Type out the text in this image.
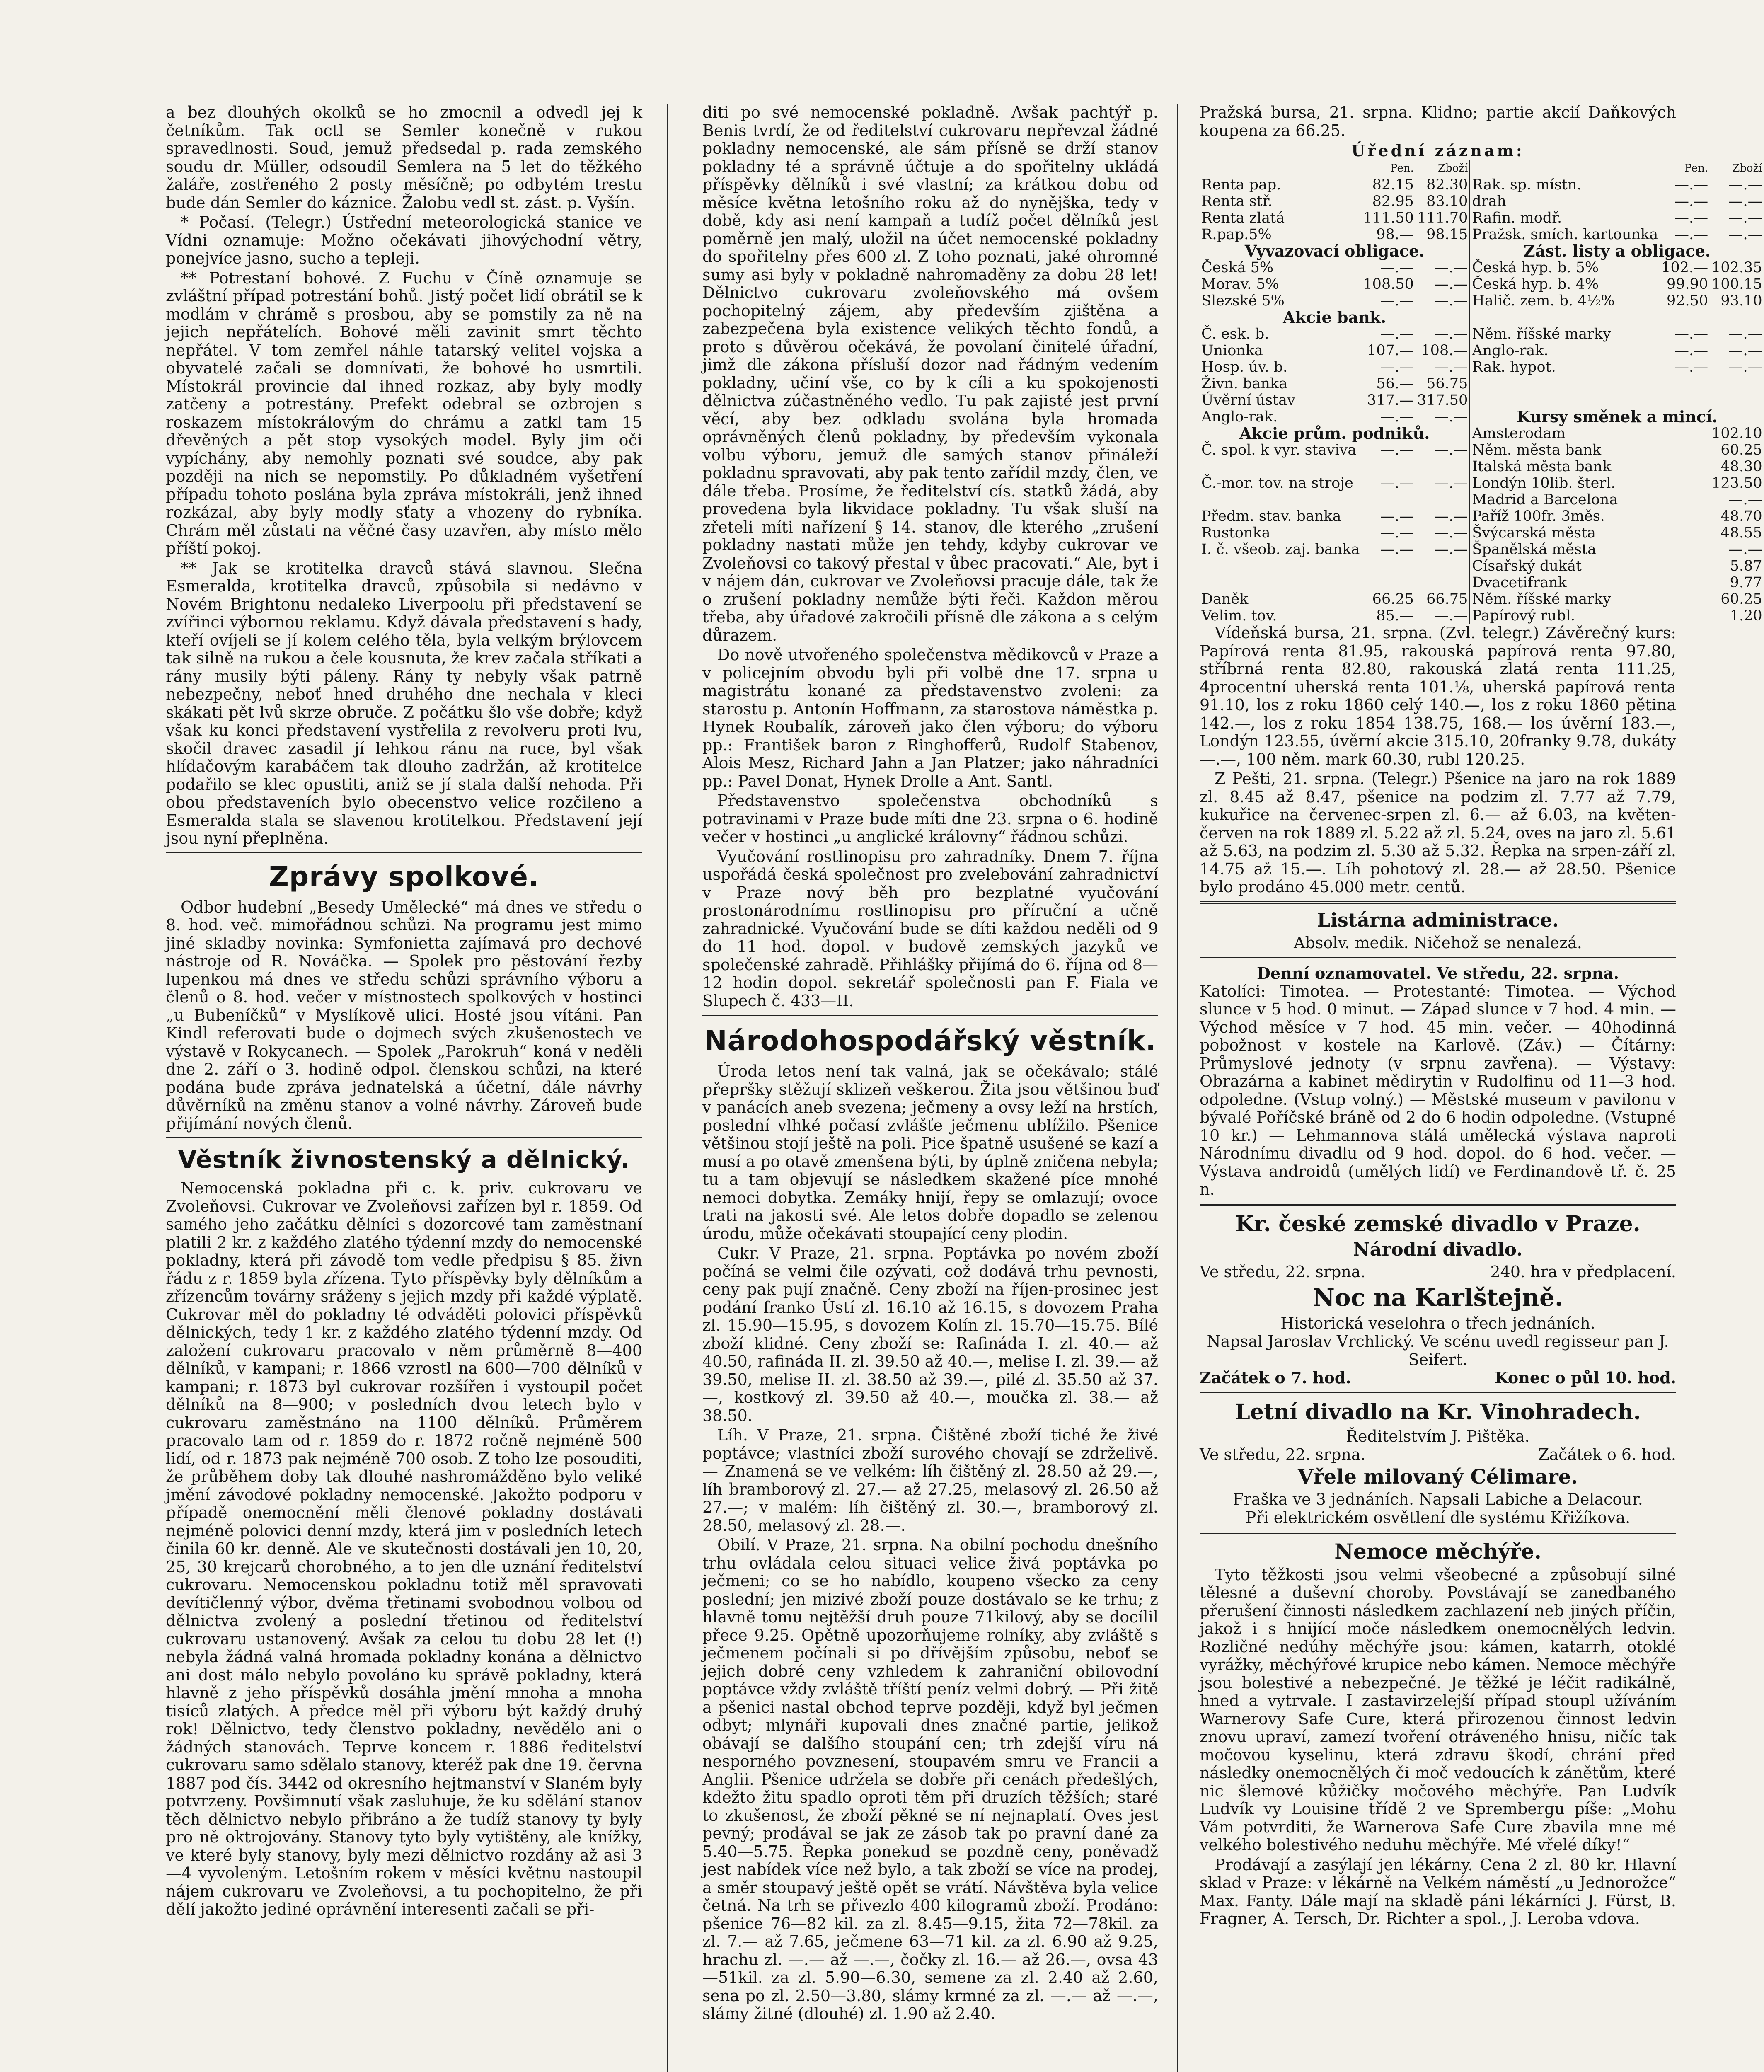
a bez dlouhých okolků se ho zmocnil a odvedl jej k četníkům. Tak octl se Semler konečně v rukou spravedlnosti. Soud, jemuž předsedal p. rada zemského soudu dr. Müller, odsoudil Semlera na 5 let do těžkého žaláře, zostřeného 2 posty měsíčně; po odbytém trestu bude dán Semler do káznice. Žalobu vedl st. zást. p. Vyšín.

* Počasí. (Telegr.) Ústřední meteorologická stanice ve Vídni oznamuje: Možno očekávati jihovýchodní větry, ponejvíce jasno, sucho a tepleji.

** Potrestaní bohové. Z Fuchu v Číně oznamuje se zvláštní případ potrestání bohů. Jistý počet lidí obrátil se k modlám v chrámě s prosbou, aby se pomstily za ně na jejich nepřátelích. Bohové měli zavinit smrt těchto nepřátel. V tom zemřel náhle tatarský velitel vojska a obyvatelé začali se domnívati, že bohové ho usmrtili. Místokrál provincie dal ihned rozkaz, aby byly modly zatčeny a potrestány. Prefekt odebral se ozbrojen s roskazem místokrálovým do chrámu a zatkl tam 15 dřevěných a pět stop vysokých model. Byly jim oči vypíchány, aby nemohly poznati své soudce, aby pak později na nich se nepomstily. Po důkladném vyšetření případu tohoto poslána byla zpráva místokráli, jenž ihned rozkázal, aby byly modly sťaty a vhozeny do rybníka. Chrám měl zůstati na věčné časy uzavřen, aby místo mělo příští pokoj.

** Jak se krotitelka dravců stává slavnou. Slečna Esmeralda, krotitelka dravců, způsobila si nedávno v Novém Brightonu nedaleko Liverpoolu při představení se zvířinci výbornou reklamu. Když dávala představení s hady, kteří ovíjeli se jí kolem celého těla, byla velkým brýlovcem tak silně na rukou a čele kousnuta, že krev začala stříkati a rány musily býti páleny. Rány ty nebyly však patrně nebezpečny, neboť hned druhého dne nechala v kleci skákati pět lvů skrze obruče. Z počátku šlo vše dobře; když však ku konci představení vystřelila z revolveru proti lvu, skočil dravec zasadil jí lehkou ránu na ruce, byl však hlídačovým karabáčem tak dlouho zadržán, až krotitelce podařilo se klec opustiti, aniž se jí stala další nehoda. Při obou představeních bylo obecenstvo velice rozčileno a Esmeralda stala se slavenou krotitelkou. Představení její jsou nyní přeplněna.

Zprávy spolkové.

Odbor hudební „Besedy Umělecké“ má dnes ve středu o 8. hod. več. mimořádnou schůzi. Na programu jest mimo jiné skladby novinka: Symfonietta zajímavá pro dechové nástroje od R. Nováčka. — Spolek pro pěstování řezby lupenkou má dnes ve středu schůzi správního výboru a členů o 8. hod. večer v místnostech spolkových v hostinci „u Bubeníčků“ v Myslíkově ulici. Hosté jsou vítáni. Pan Kindl referovati bude o dojmech svých zkušenostech ve výstavě v Rokycanech. — Spolek „Parokruh“ koná v neděli dne 2. září o 3. hodině odpol. členskou schůzi, na které podána bude zpráva jednatelská a účetní, dále návrhy důvěrníků na změnu stanov a volné návrhy. Zároveň bude přijímání nových členů.

Věstník živnostenský a dělnický.

Nemocenská pokladna při c. k. priv. cukrovaru ve Zvoleňovsi. Cukrovar ve Zvoleňovsi zařízen byl r. 1859. Od samého jeho začátku dělníci s dozorcové tam zaměstnaní platili 2 kr. z každého zlatého týdenní mzdy do nemocenské pokladny, která při závodě tom vedle předpisu § 85. živn řádu z r. 1859 byla zřízena. Tyto příspěvky byly dělníkům a zřízencům továrny sráženy s jejich mzdy při každé výplatě. Cukrovar měl do pokladny té odváděti polovici příspěvků dělnických, tedy 1 kr. z každého zlatého týdenní mzdy. Od založení cukrovaru pracovalo v něm průměrně 8—400 dělníků, v kampani; r. 1866 vzrostl na 600—700 dělníků v kampani; r. 1873 byl cukrovar rozšířen i vystoupil počet dělníků na 8—900; v posledních dvou letech bylo v cukrovaru zaměstnáno na 1100 dělníků. Průměrem pracovalo tam od r. 1859 do r. 1872 ročně nejméně 500 lidí, od r. 1873 pak nejméně 700 osob. Z toho lze posouditi, že průběhem doby tak dlouhé nashromážděno bylo veliké jmění závodové pokladny nemocenské. Jakožto podporu v případě onemocnění měli členové pokladny dostávati nejméně polovici denní mzdy, která jim v posledních letech činila 60 kr. denně. Ale ve skutečnosti dostávali jen 10, 20, 25, 30 krejcarů chorobného, a to jen dle uznání ředitelství cukrovaru. Nemocenskou pokladnu totiž měl spravovati devítičlenný výbor, dvěma třetinami svobodnou volbou od dělnictva zvolený a poslední třetinou od ředitelství cukrovaru ustanovený. Avšak za celou tu dobu 28 let (!) nebyla žádná valná hromada pokladny konána a dělnictvo ani dost málo nebylo povoláno ku správě pokladny, která hlavně z jeho příspěvků dosáhla jmění mnoha a mnoha tisíců zlatých. A předce měl při výboru být každý druhý rok! Dělnictvo, tedy členstvo pokladny, nevědělo ani o žádných stanovách. Teprve koncem r. 1886 ředitelství cukrovaru samo sdělalo stanovy, kteréž pak dne 19. června 1887 pod čís. 3442 od okresního hejtmanství v Slaném byly potvrzeny. Povšimnutí však zasluhuje, že ku sdělání stanov těch dělnictvo nebylo přibráno a že tudíž stanovy ty byly pro ně oktrojovány. Stanovy tyto byly vytištěny, ale knížky, ve které byly stanovy, byly mezi dělnictvo rozdány až asi 3—4 vyvoleným. Letošním rokem v měsíci květnu nastoupil nájem cukrovaru ve Zvoleňovsi, a tu pochopitelno, že při dělí jakožto jediné oprávnění interesenti začali se při-

diti po své nemocenské pokladně. Avšak pachtýř p. Benis tvrdí, že od ředitelství cukrovaru nepřevzal žádné pokladny nemocenské, ale sám přísně se drží stanov pokladny té a správně účtuje a do spořitelny ukládá příspěvky dělníků i své vlastní; za krátkou dobu od měsíce května letošního roku až do nynějška, tedy v době, kdy asi není kampaň a tudíž počet dělníků jest poměrně jen malý, uložil na účet nemocenské pokladny do spořitelny přes 600 zl. Z toho poznati, jaké ohromné sumy asi byly v pokladně nahromaděny za dobu 28 let! Dělnictvo cukrovaru zvoleňovského má ovšem pochopitelný zájem, aby především zjištěna a zabezpečena byla existence velikých těchto fondů, a proto s důvěrou očekává, že povolaní činitelé úřadní, jimž dle zákona přísluší dozor nad řádným vedením pokladny, učiní vše, co by k cíli a ku spokojenosti dělnictva zúčastněného vedlo. Tu pak zajisté jest první věcí, aby bez odkladu svolána byla hromada oprávněných členů pokladny, by především vykonala volbu výboru, jemuž dle samých stanov přináleží pokladnu spravovati, aby pak tento zařídil mzdy, člen, ve dále třeba. Prosíme, že ředitelství cís. statků žádá, aby provedena byla likvidace pokladny. Tu však sluší na zřeteli míti nařízení § 14. stanov, dle kterého „zrušení pokladny nastati může jen tehdy, kdyby cukrovar ve Zvoleňovsi co takový přestal v ůbec pracovati.“ Ale, byt i v nájem dán, cukrovar ve Zvoleňovsi pracuje dále, tak že o zrušení pokladny nemůže býti řeči. Každon měrou třeba, aby úřadové zakročili přísně dle zákona a s celým důrazem.

Do nově utvořeného společenstva mědikovců v Praze a v policejním obvodu byli při volbě dne 17. srpna u magistrátu konané za představenstvo zvoleni: za starostu p. Antonín Hoffmann, za starostova náměstka p. Hynek Roubalík, zároveň jako člen výboru; do výboru pp.: František baron z Ringhofferů, Rudolf Stabenov, Alois Mesz, Richard Jahn a Jan Platzer; jako náhradníci pp.: Pavel Donat, Hynek Drolle a Ant. Santl.

Představenstvo společenstva obchodníků s potravinami v Praze bude míti dne 23. srpna o 6. hodině večer v hostinci „u anglické královny“ řádnou schůzi.

Vyučování rostlinopisu pro zahradníky. Dnem 7. října uspořádá česká společnost pro zvelebování zahradnictví v Praze nový běh pro bezplatné vyučování prostonárodnímu rostlinopisu pro příruční a učně zahradnické. Vyučování bude se díti každou neděli od 9 do 11 hod. dopol. v budově zemských jazyků ve společenské zahradě. Přihlášky přijímá do 6. října od 8—12 hodin dopol. sekretář společnosti pan F. Fiala ve Slupech č. 433—II.

Národohospodářský věstník.

Úroda letos není tak valná, jak se očekávalo; stálé přepršky stěžují sklizeň veškerou. Žita jsou většinou buď v panácích aneb svezena; ječmeny a ovsy leží na hrstích, poslední vlhké počasí zvlášťe ječmenu ublížilo. Pšenice většinou stojí ještě na poli. Pice špatně usušené se kazí a musí a po otavě zmenšena býti, by úplně zničena nebyla; tu a tam objevují se následkem skažené píce mnohé nemoci dobytka. Zemáky hnijí, řepy se omlazují; ovoce trati na jakosti své. Ale letos dobře dopadlo se zelenou úrodu, může očekávati stoupající ceny plodin.

Cukr. V Praze, 21. srpna. Poptávka po novém zboží počíná se velmi čile ozývati, což dodává trhu pevnosti, ceny pak pují značně. Ceny zboží na říjen-prosinec jest podání franko Ústí zl. 16.10 až 16.15, s dovozem Praha zl. 15.90—15.95, s dovozem Kolín zl. 15.70—15.75. Bílé zboží klidné. Ceny zboží se: Rafináda I. zl. 40.— až 40.50, rafináda II. zl. 39.50 až 40.—, melise I. zl. 39.— až 39.50, melise II. zl. 38.50 až 39.—, pilé zl. 35.50 až 37.—, kostkový zl. 39.50 až 40.—, moučka zl. 38.— až 38.50.

Líh. V Praze, 21. srpna. Čištěné zboží tiché že živé poptávce; vlastníci zboží surového chovají se zdrželivě. — Znamená se ve velkém: líh čištěný zl. 28.50 až 29.—, líh bramborový zl. 27.— až 27.25, melasový zl. 26.50 až 27.—; v malém: líh čištěný zl. 30.—, bramborový zl. 28.50, melasový zl. 28.—.

Obilí. V Praze, 21. srpna. Na obilní pochodu dnešního trhu ovládala celou situaci velice živá poptávka po ječmeni; co se ho nabídlo, koupeno všecko za ceny poslední; jen mizivé zboží pouze dostávalo se ke trhu; z hlavně tomu nejtěžší druh pouze 71kilový, aby se docílil přece 9.25. Opětně upozorňujeme rolníky, aby zvláště s ječmenem počínali si po dřívějším způsobu, neboť se jejich dobré ceny vzhledem k zahraniční obilovodní poptávce vždy zvláště tříští peníz velmi dobrý. — Při žitě a pšenici nastal obchod teprve později, když byl ječmen odbyt; mlynáři kupovali dnes značné partie, jelikož obávají se dalšího stoupání cen; trh zdejší víru ná nesporného povznesení, stoupavém smru ve Francii a Anglii. Pšenice udržela se dobře při cenách předešlých, kdežto žitu spadlo oproti těm při druzích těžších; staré to zkušenost, že zboží pěkné se ní nejnaplatí. Oves jest pevný; prodával se jak ze zásob tak po pravní dané za 5.40—5.75. Řepka ponekud se pozdně ceny, poněvadž jest nabídek více než bylo, a tak zboží se více na prodej, a směr stoupavý ještě opět se vrátí. Návštěva byla velice četná. Na trh se přivezlo 400 kilogramů zboží. Prodáno: pšenice 76—82 kil. za zl. 8.45—9.15, žita 72—78kil. za zl. 7.— až 7.65, ječmene 63—71 kil. za zl. 6.90 až 9.25, hrachu zl. —.— až —.—, čočky zl. 16.— až 26.—, ovsa 43—51kil. za zl. 5.90—6.30, semene za zl. 2.40 až 2.60, sena po zl. 2.50—3.80, slámy krmné za zl. —.— až —.—, slámy žitné (dlouhé) zl. 1.90 až 2.40.

Pražská bursa, 21. srpna. Klidno; partie akcií Daňkových koupena za 66.25.

Úřední záznam:
	Pen.	Zboží		Pen.	Zboží
Renta pap.	82.15	82.30	Rak. sp. místn.	—.—	—.—
Renta stř.	82.95	83.10	drah	—.—	—.—
Renta zlatá	111.50	111.70	Rafin. modř.	—.—	—.—
R.pap.5%	98.—	98.15	Pražsk. smích. kartounka	—.—	—.—
Vyvazovací obligace.			Zást. listy a obligace.		
Česká 5%	—.—	—.—	Česká hyp. b. 5%	102.—	102.35
Morav. 5%	108.50	—.—	Česká hyp. b. 4%	99.90	100.15
Slezské 5%	—.—	—.—	Halič. zem. b. 4½%	92.50	93.10
Akcie bank.					
Č. esk. b.	—.—	—.—	Něm. říšské marky	—.—	—.—
Unionka	107.—	108.—	Anglo-rak.	—.—	—.—
Hosp. úv. b.	—.—	—.—	Rak. hypot.	—.—	—.—
Živn. banka	56.—	56.75			
Úvěrní ústav	317.—	317.50			
Anglo-rak.	—.—	—.—	Kursy směnek a mincí.		
Akcie prům. podniků.			Amsterodam		102.10
Č. spol. k vyr. staviva	—.—	—.—	Něm. města bank		60.25
			Italská města bank		48.30
Č.-mor. tov. na stroje	—.—	—.—	Londýn 10lib. šterl.		123.50
			Madrid a Barcelona		—.—
Předm. stav. banka	—.—	—.—	Paříž 100fr. 3měs.		48.70
Rustonka	—.—	—.—	Švýcarská města		48.55
I. č. všeob. zaj. banka	—.—	—.—	Španělská města		—.—
			Císařský dukát		5.87
			Dvacetifrank		9.77
Daněk	66.25	66.75	Něm. říšské marky		60.25
Velim. tov.	85.—	—.—	Papírový rubl.		1.20

Vídeňská bursa, 21. srpna. (Zvl. telegr.) Závěrečný kurs: Papírová renta 81.95, rakouská papírová renta 97.80, stříbrná renta 82.80, rakouská zlatá renta 111.25, 4procentní uherská renta 101.⅛, uherská papírová renta 91.10, los z roku 1860 celý 140.—, los z roku 1860 pětina 142.—, los z roku 1854 138.75, 168.— los úvěrní 183.—, Londýn 123.55, úvěrní akcie 315.10, 20franky 9.78, dukáty —.—, 100 něm. mark 60.30, rubl 120.25.

Z Pešti, 21. srpna. (Telegr.) Pšenice na jaro na rok 1889 zl. 8.45 až 8.47, pšenice na podzim zl. 7.77 až 7.79, kukuřice na červenec-srpen zl. 6.— až 6.03, na květen-červen na rok 1889 zl. 5.22 až zl. 5.24, oves na jaro zl. 5.61 až 5.63, na podzim zl. 5.30 až 5.32. Řepka na srpen-září zl. 14.75 až 15.—. Líh pohotový zl. 28.— až 28.50. Pšenice bylo prodáno 45.000 metr. centů.

Listárna administrace.

Absolv. medik. Ničehož se nenalezá.

Denní oznamovatel. Ve středu, 22. srpna.

Katolíci: Timotea. — Protestanté: Timotea. — Východ slunce v 5 hod. 0 minut. — Západ slunce v 7 hod. 4 min. — Východ měsíce v 7 hod. 45 min. večer. — 40hodinná pobožnost v kostele na Karlově. (Záv.) — Čítárny: Průmyslové jednoty (v srpnu zavřena). — Výstavy: Obrazárna a kabinet mědirytin v Rudolfinu od 11—3 hod. odpoledne. (Vstup volný.) — Městské museum v pavilonu v bývalé Poříčské bráně od 2 do 6 hodin odpoledne. (Vstupné 10 kr.) — Lehmannova stálá umělecká výstava naproti Národnímu divadlu od 9 hod. dopol. do 6 hod. večer. — Výstava androidů (umělých lidí) ve Ferdinandově tř. č. 25 n.

Kr. české zemské divadlo v Praze.
Národní divadlo.
Ve středu, 22. srpna.	240. hra v předplacení.
Noc na Karlštejně.

Historická veselohra o třech jednáních.

Napsal Jaroslav Vrchlický. Ve scénu uvedl regisseur pan J. Seifert.

Začátek o 7. hod.	Konec o půl 10. hod.
Letní divadlo na Kr. Vinohradech.

Ředitelstvím J. Pištěka.

Ve středu, 22. srpna.	Začátek o 6. hod.
Vřele milovaný Célimare.

Fraška ve 3 jednáních. Napsali Labiche a Delacour.

Při elektrickém osvětlení dle systému Křižíkova.

Nemoce měchýře.

Tyto těžkosti jsou velmi všeobecné a způsobují silné tělesné a duševní choroby. Povstávají se zanedbaného přerušení činnosti následkem zachlazení neb jiných příčin, jakož i s hnijící moče následkem onemocnělých ledvin. Rozličné nedúhy měchýře jsou: kámen, katarrh, otoklé vyrážky, měchýřové krupice nebo kámen. Nemoce měchýře jsou bolestivé a nebezpečné. Je těžké je léčit radikálně, hned a vytrvale. I zastavirzelejší případ stoupl užíváním Warnerovy Safe Cure, která přirozenou činnost ledvin znovu upraví, zamezí tvoření otráveného hnisu, ničíc tak močovou kyselinu, která zdravu škodí, chrání před následky onemocnělých či moč vedoucích k zánětům, které nic šlemové kůžičky močového měchýře. Pan Ludvík Ludvík vy Louisine třídě 2 ve Sprembergu píše: „Mohu Vám potvrditi, že Warnerova Safe Cure zbavila mne mé velkého bolestivého neduhu měchýře. Mé vřelé díky!“

Prodávají a zasýlají jen lékárny. Cena 2 zl. 80 kr. Hlavní sklad v Praze: v lékárně na Velkém náměstí „u Jednorožce“ Max. Fanty. Dále mají na skladě páni lékárníci J. Fürst, B. Fragner, A. Tersch, Dr. Richter a spol., J. Leroba vdova.
